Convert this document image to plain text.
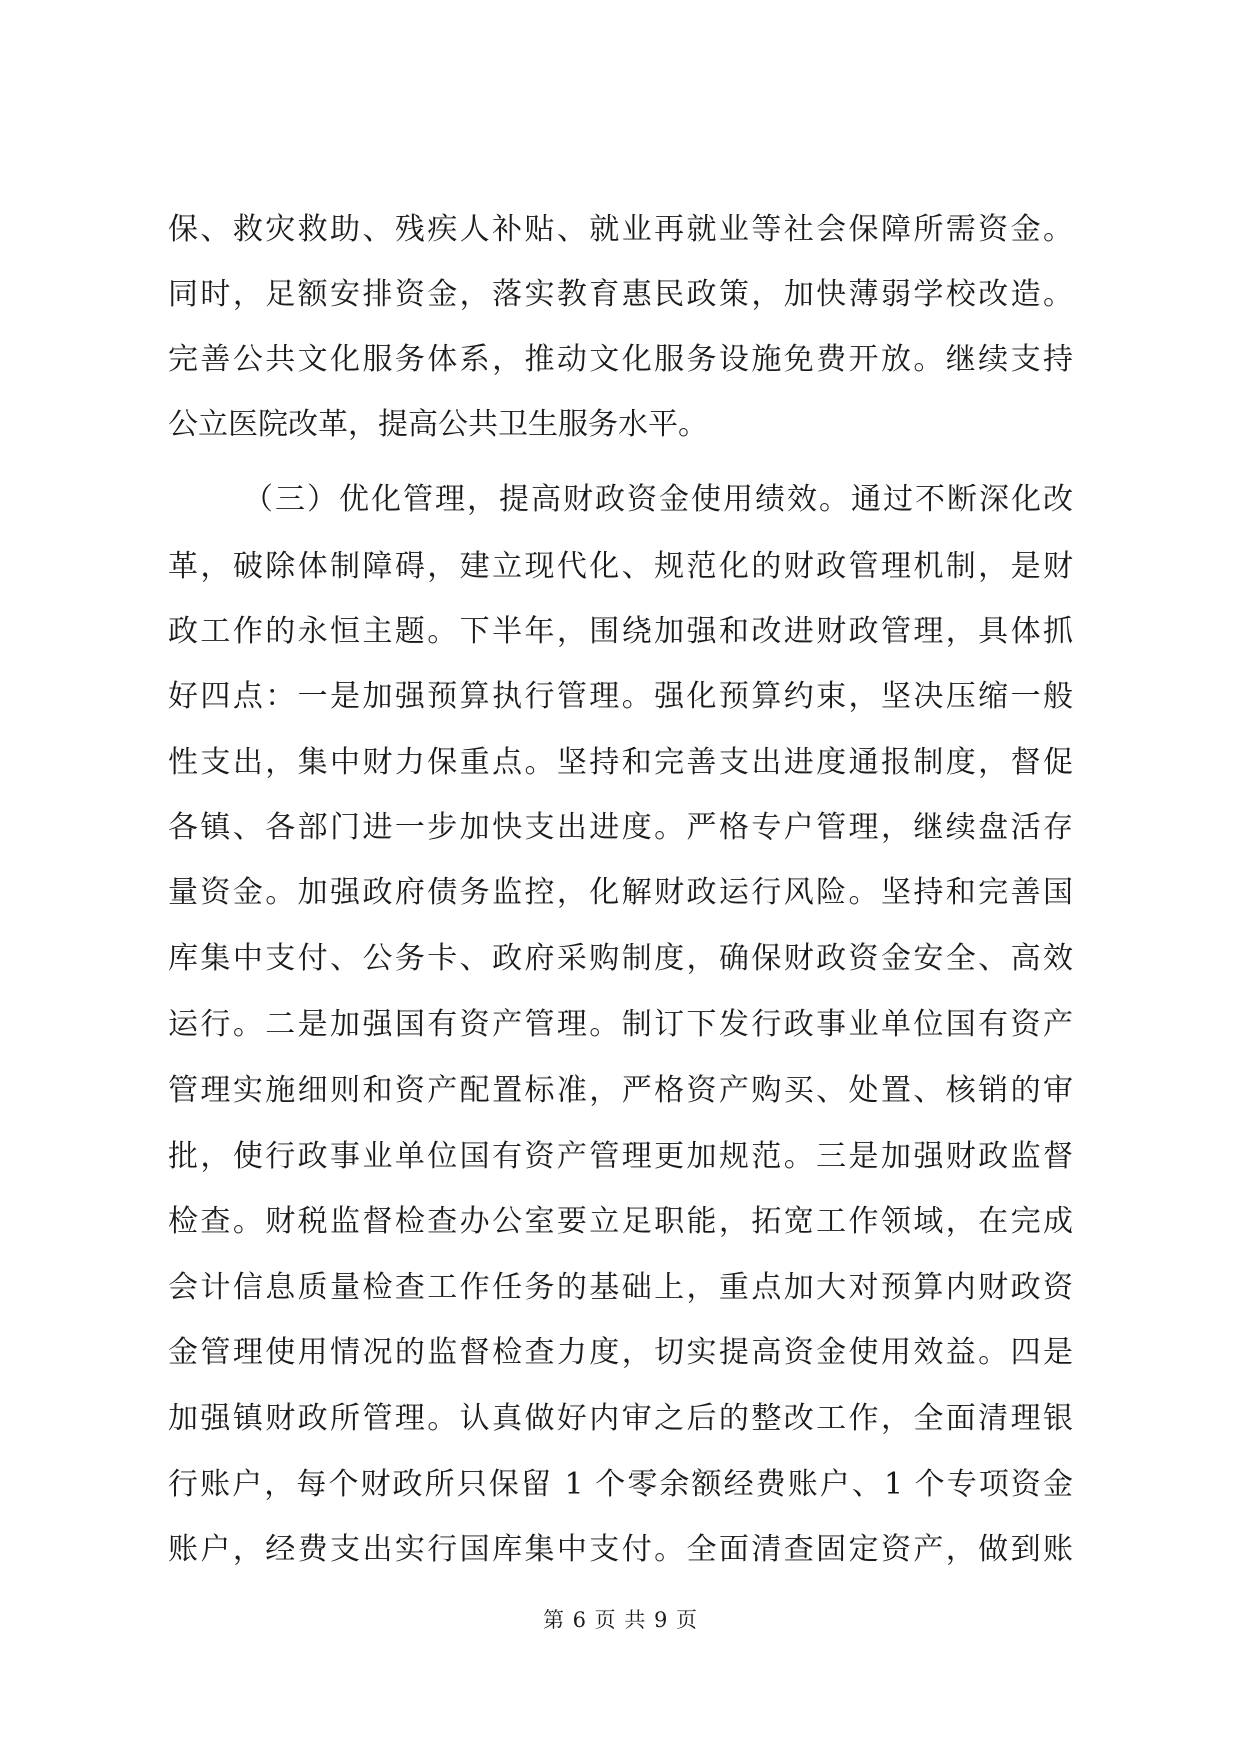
保、救灾救助、残疾人补贴、就业再就业等社会保障所需资金。
同时，足额安排资金，落实教育惠民政策，加快薄弱学校改造。
完善公共文化服务体系，推动文化服务设施免费开放。继续支持
公立医院改革，提高公共卫生服务水平。
（三）优化管理，提高财政资金使用绩效。通过不断深化改
革，破除体制障碍，建立现代化、规范化的财政管理机制，是财
政工作的永恒主题。下半年，围绕加强和改进财政管理，具体抓
好四点：一是加强预算执行管理。强化预算约束，坚决压缩一般
性支出，集中财力保重点。坚持和完善支出进度通报制度，督促
各镇、各部门进一步加快支出进度。严格专户管理，继续盘活存
量资金。加强政府债务监控，化解财政运行风险。坚持和完善国
库集中支付、公务卡、政府采购制度，确保财政资金安全、高效
运行。二是加强国有资产管理。制订下发行政事业单位国有资产
管理实施细则和资产配置标准，严格资产购买、处置、核销的审
批，使行政事业单位国有资产管理更加规范。三是加强财政监督
检查。财税监督检查办公室要立足职能，拓宽工作领域，在完成
会计信息质量检查工作任务的基础上，重点加大对预算内财政资
金管理使用情况的监督检查力度，切实提高资金使用效益。四是
加强镇财政所管理。认真做好内审之后的整改工作，全面清理银
行账户，每个财政所只保留 1 个零余额经费账户、1 个专项资金
账户，经费支出实行国库集中支付。全面清查固定资产，做到账
第 6 页 共 9 页
